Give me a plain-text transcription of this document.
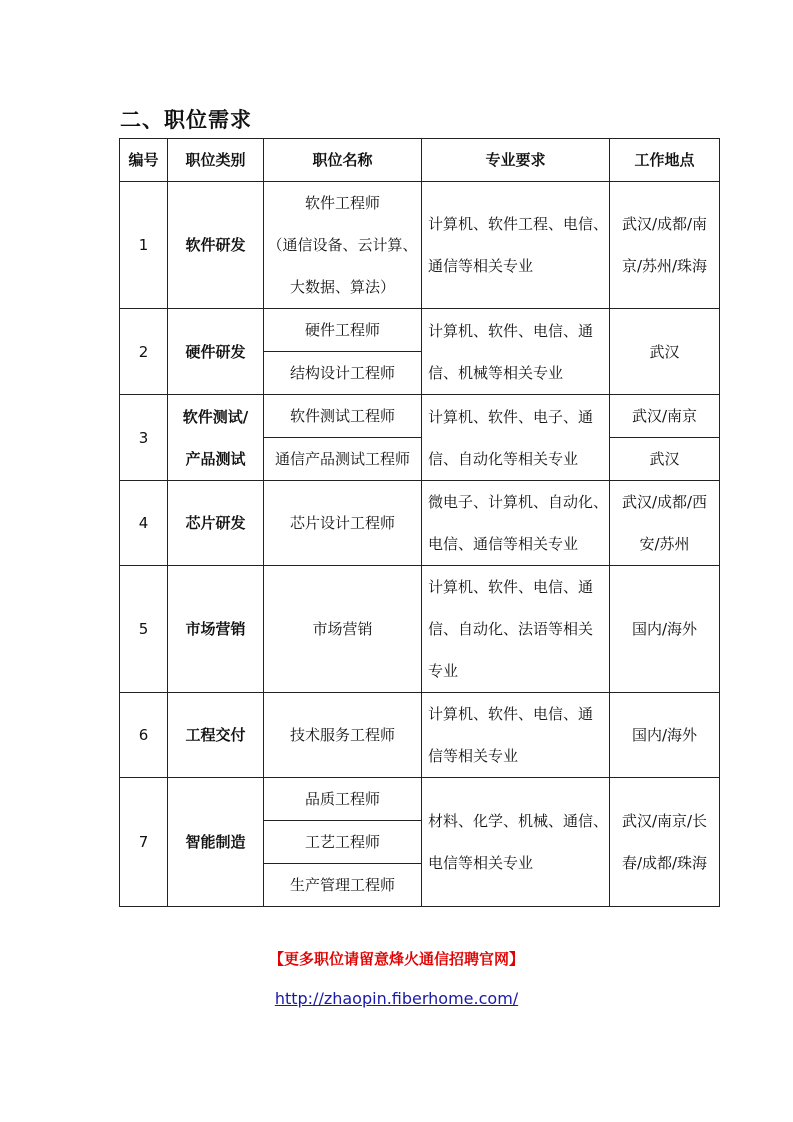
二、职位需求
编号	职位类别	职位名称	专业要求	工作地点
1	软件研发	软件工程师
（通信设备、云计算、
大数据、算法）	计算机、软件工程、电信、
通信等相关专业	武汉/成都/南
京/苏州/珠海

2	硬件研发	硬件工程师	计算机、软件、电信、通
信、机械等相关专业	武汉
		结构设计工程师		
3	软件测试/
产品测试	软件测试工程师	计算机、软件、电子、通
信、自动化等相关专业	武汉/南京
		通信产品测试工程师		武汉
4	芯片研发	芯片设计工程师	微电子、计算机、自动化、
电信、通信等相关专业	武汉/成都/西
安/苏州

5	市场营销	市场营销	计算机、软件、电信、通
信、自动化、法语等相关
专业	国内/海外
6	工程交付	技术服务工程师	计算机、软件、电信、通
信等相关专业	国内/海外
7	智能制造	品质工程师	材料、化学、机械、通信、
电信等相关专业	武汉/南京/长
春/成都/珠海

		工艺工程师		
		生产管理工程师		

【更多职位请留意烽火通信招聘官网】

http://zhaopin.fiberhome.com/
